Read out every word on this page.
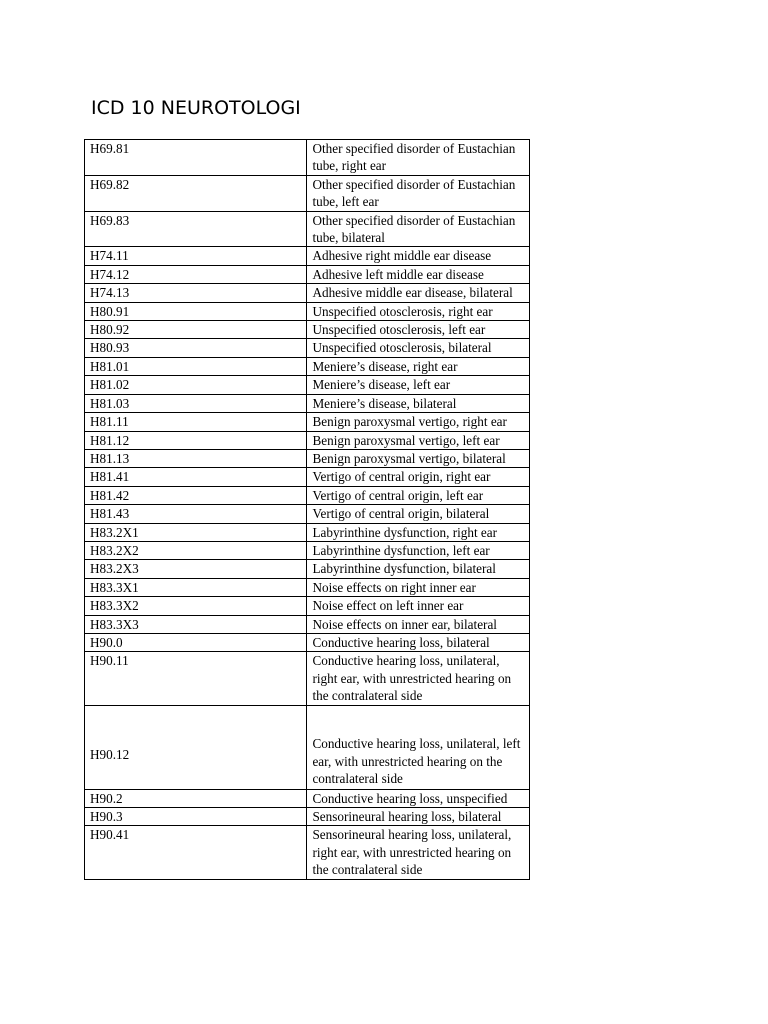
ICD 10 NEUROTOLOGI
H69.81	Other specified disorder of Eustachian tube, right ear
H69.82	Other specified disorder of Eustachian tube, left ear
H69.83	Other specified disorder of Eustachian tube, bilateral
H74.11	Adhesive right middle ear disease
H74.12	Adhesive left middle ear disease
H74.13	Adhesive middle ear disease, bilateral
H80.91	Unspecified otosclerosis, right ear
H80.92	Unspecified otosclerosis, left ear
H80.93	Unspecified otosclerosis, bilateral
H81.01	Meniere’s disease, right ear
H81.02	Meniere’s disease, left ear
H81.03	Meniere’s disease, bilateral
H81.11	Benign paroxysmal vertigo, right ear
H81.12	Benign paroxysmal vertigo, left ear
H81.13	Benign paroxysmal vertigo, bilateral
H81.41	Vertigo of central origin, right ear
H81.42	Vertigo of central origin, left ear
H81.43	Vertigo of central origin, bilateral
H83.2X1	Labyrinthine dysfunction, right ear
H83.2X2	Labyrinthine dysfunction, left ear
H83.2X3	Labyrinthine dysfunction, bilateral
H83.3X1	Noise effects on right inner ear
H83.3X2	Noise effect on left inner ear
H83.3X3	Noise effects on inner ear, bilateral
H90.0	Conductive hearing loss, bilateral
H90.11	Conductive hearing loss, unilateral, right ear, with unrestricted hearing on the contralateral side
H90.12	Conductive hearing loss, unilateral, left ear, with unrestricted hearing on the contralateral side
H90.2	Conductive hearing loss, unspecified
H90.3	Sensorineural hearing loss, bilateral
H90.41	Sensorineural hearing loss, unilateral, right ear, with unrestricted hearing on the contralateral side
